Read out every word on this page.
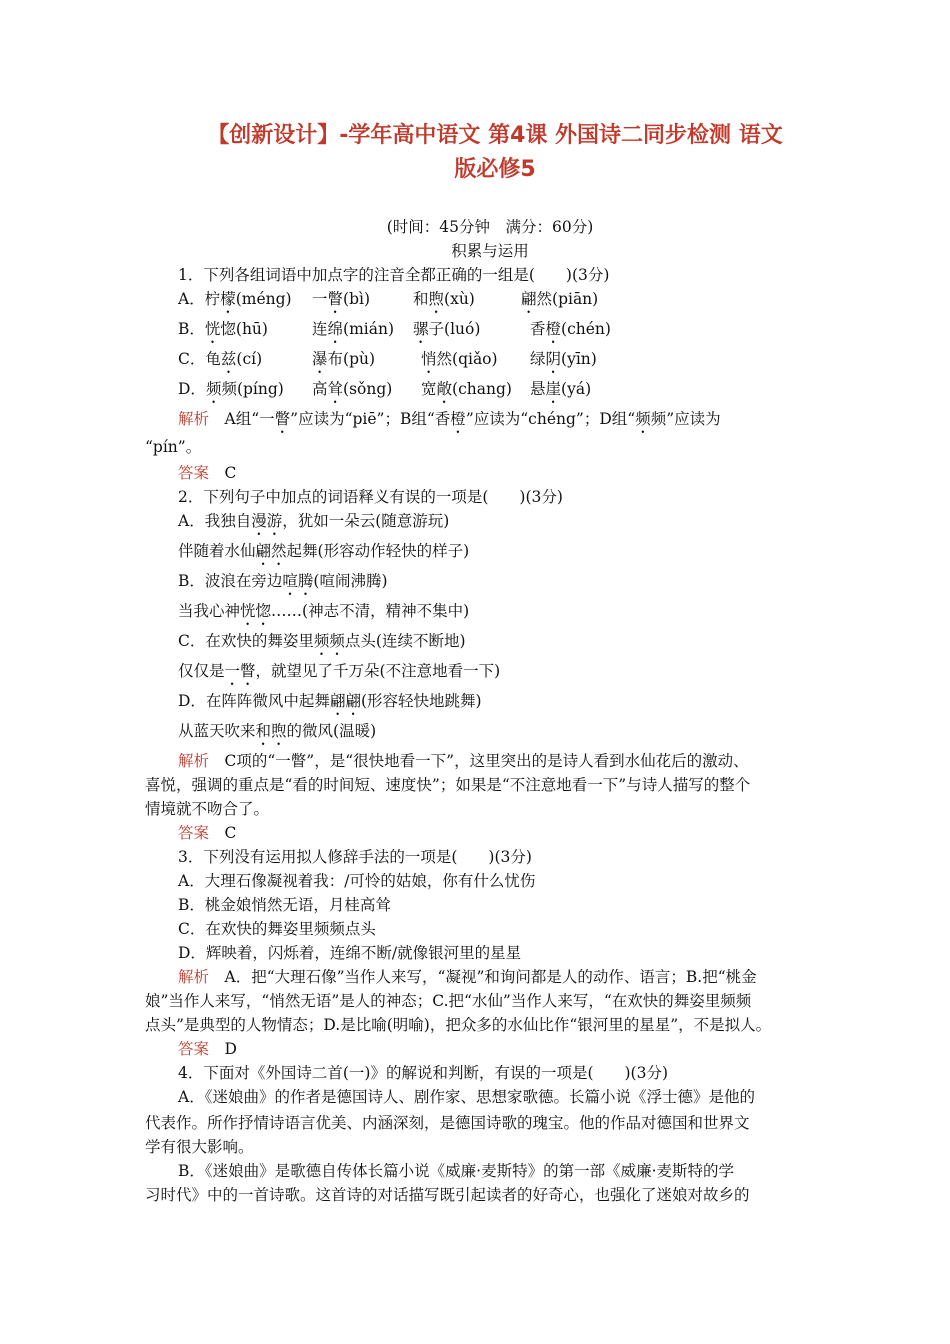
【创新设计】-学年高中语文 第4课 外国诗二同步检测 语文
版必修5
(时间：45分钟　满分：60分)
积累与运用
1．下列各组词语中加点字的注音全都正确的一组是(　　)(3分)
A．柠檬(méng) 一瞥(bì)	和煦(xù)	翩然(piān)
B．恍惚(hū)	连绵(mián) 骡子(luó)	香橙(chén)
C．龟兹(cí)	瀑布(pù)	悄然(qiǎo) 绿阴(yīn)
D．频频(píng) 高耸(sǒng) 宽敞(chang) 悬崖(yá)
解析　A组“一瞥”应读为“piē”；B组“香橙”应读为“chéng”；D组“频频”应读为
“pín”。
答案　C
2．下列句子中加点的词语释义有误的一项是(　　)(3分)
A．我独自漫游，犹如一朵云(随意游玩)
伴随着水仙翩然起舞(形容动作轻快的样子)
B．波浪在旁边喧腾(喧闹沸腾)
当我心神恍惚……(神志不清，精神不集中)
C．在欢快的舞姿里频频点头(连续不断地)
仅仅是一瞥，就望见了千万朵(不注意地看一下)
D．在阵阵微风中起舞翩翩(形容轻快地跳舞)
从蓝天吹来和煦的微风(温暖)
解析　C项的“一瞥”，是“很快地看一下”，这里突出的是诗人看到水仙花后的激动、
喜悦，强调的重点是“看的时间短、速度快”；如果是“不注意地看一下”与诗人描写的整个
情境就不吻合了。
答案　C
3．下列没有运用拟人修辞手法的一项是(　　)(3分)
A．大理石像凝视着我：/可怜的姑娘，你有什么忧伤
B．桃金娘悄然无语，月桂高耸
C．在欢快的舞姿里频频点头
D．辉映着，闪烁着，连绵不断/就像银河里的星星
解析　A．把“大理石像”当作人来写，“凝视”和询问都是人的动作、语言；B.把“桃金
娘”当作人来写，“悄然无语”是人的神态；C.把“水仙”当作人来写，“在欢快的舞姿里频频
点头”是典型的人物情态；D.是比喻(明喻)，把众多的水仙比作“银河里的星星”，不是拟人。
答案　D
4．下面对《外国诗二首(一)》的解说和判断，有误的一项是(　　)(3分)
A．《迷娘曲》的作者是德国诗人、剧作家、思想家歌德。长篇小说《浮士德》是他的
代表作。所作抒情诗语言优美、内涵深刻，是德国诗歌的瑰宝。他的作品对德国和世界文
学有很大影响。
B．《迷娘曲》是歌德自传体长篇小说《威廉·麦斯特》的第一部《威廉·麦斯特的学
习时代》中的一首诗歌。这首诗的对话描写既引起读者的好奇心，也强化了迷娘对故乡的
